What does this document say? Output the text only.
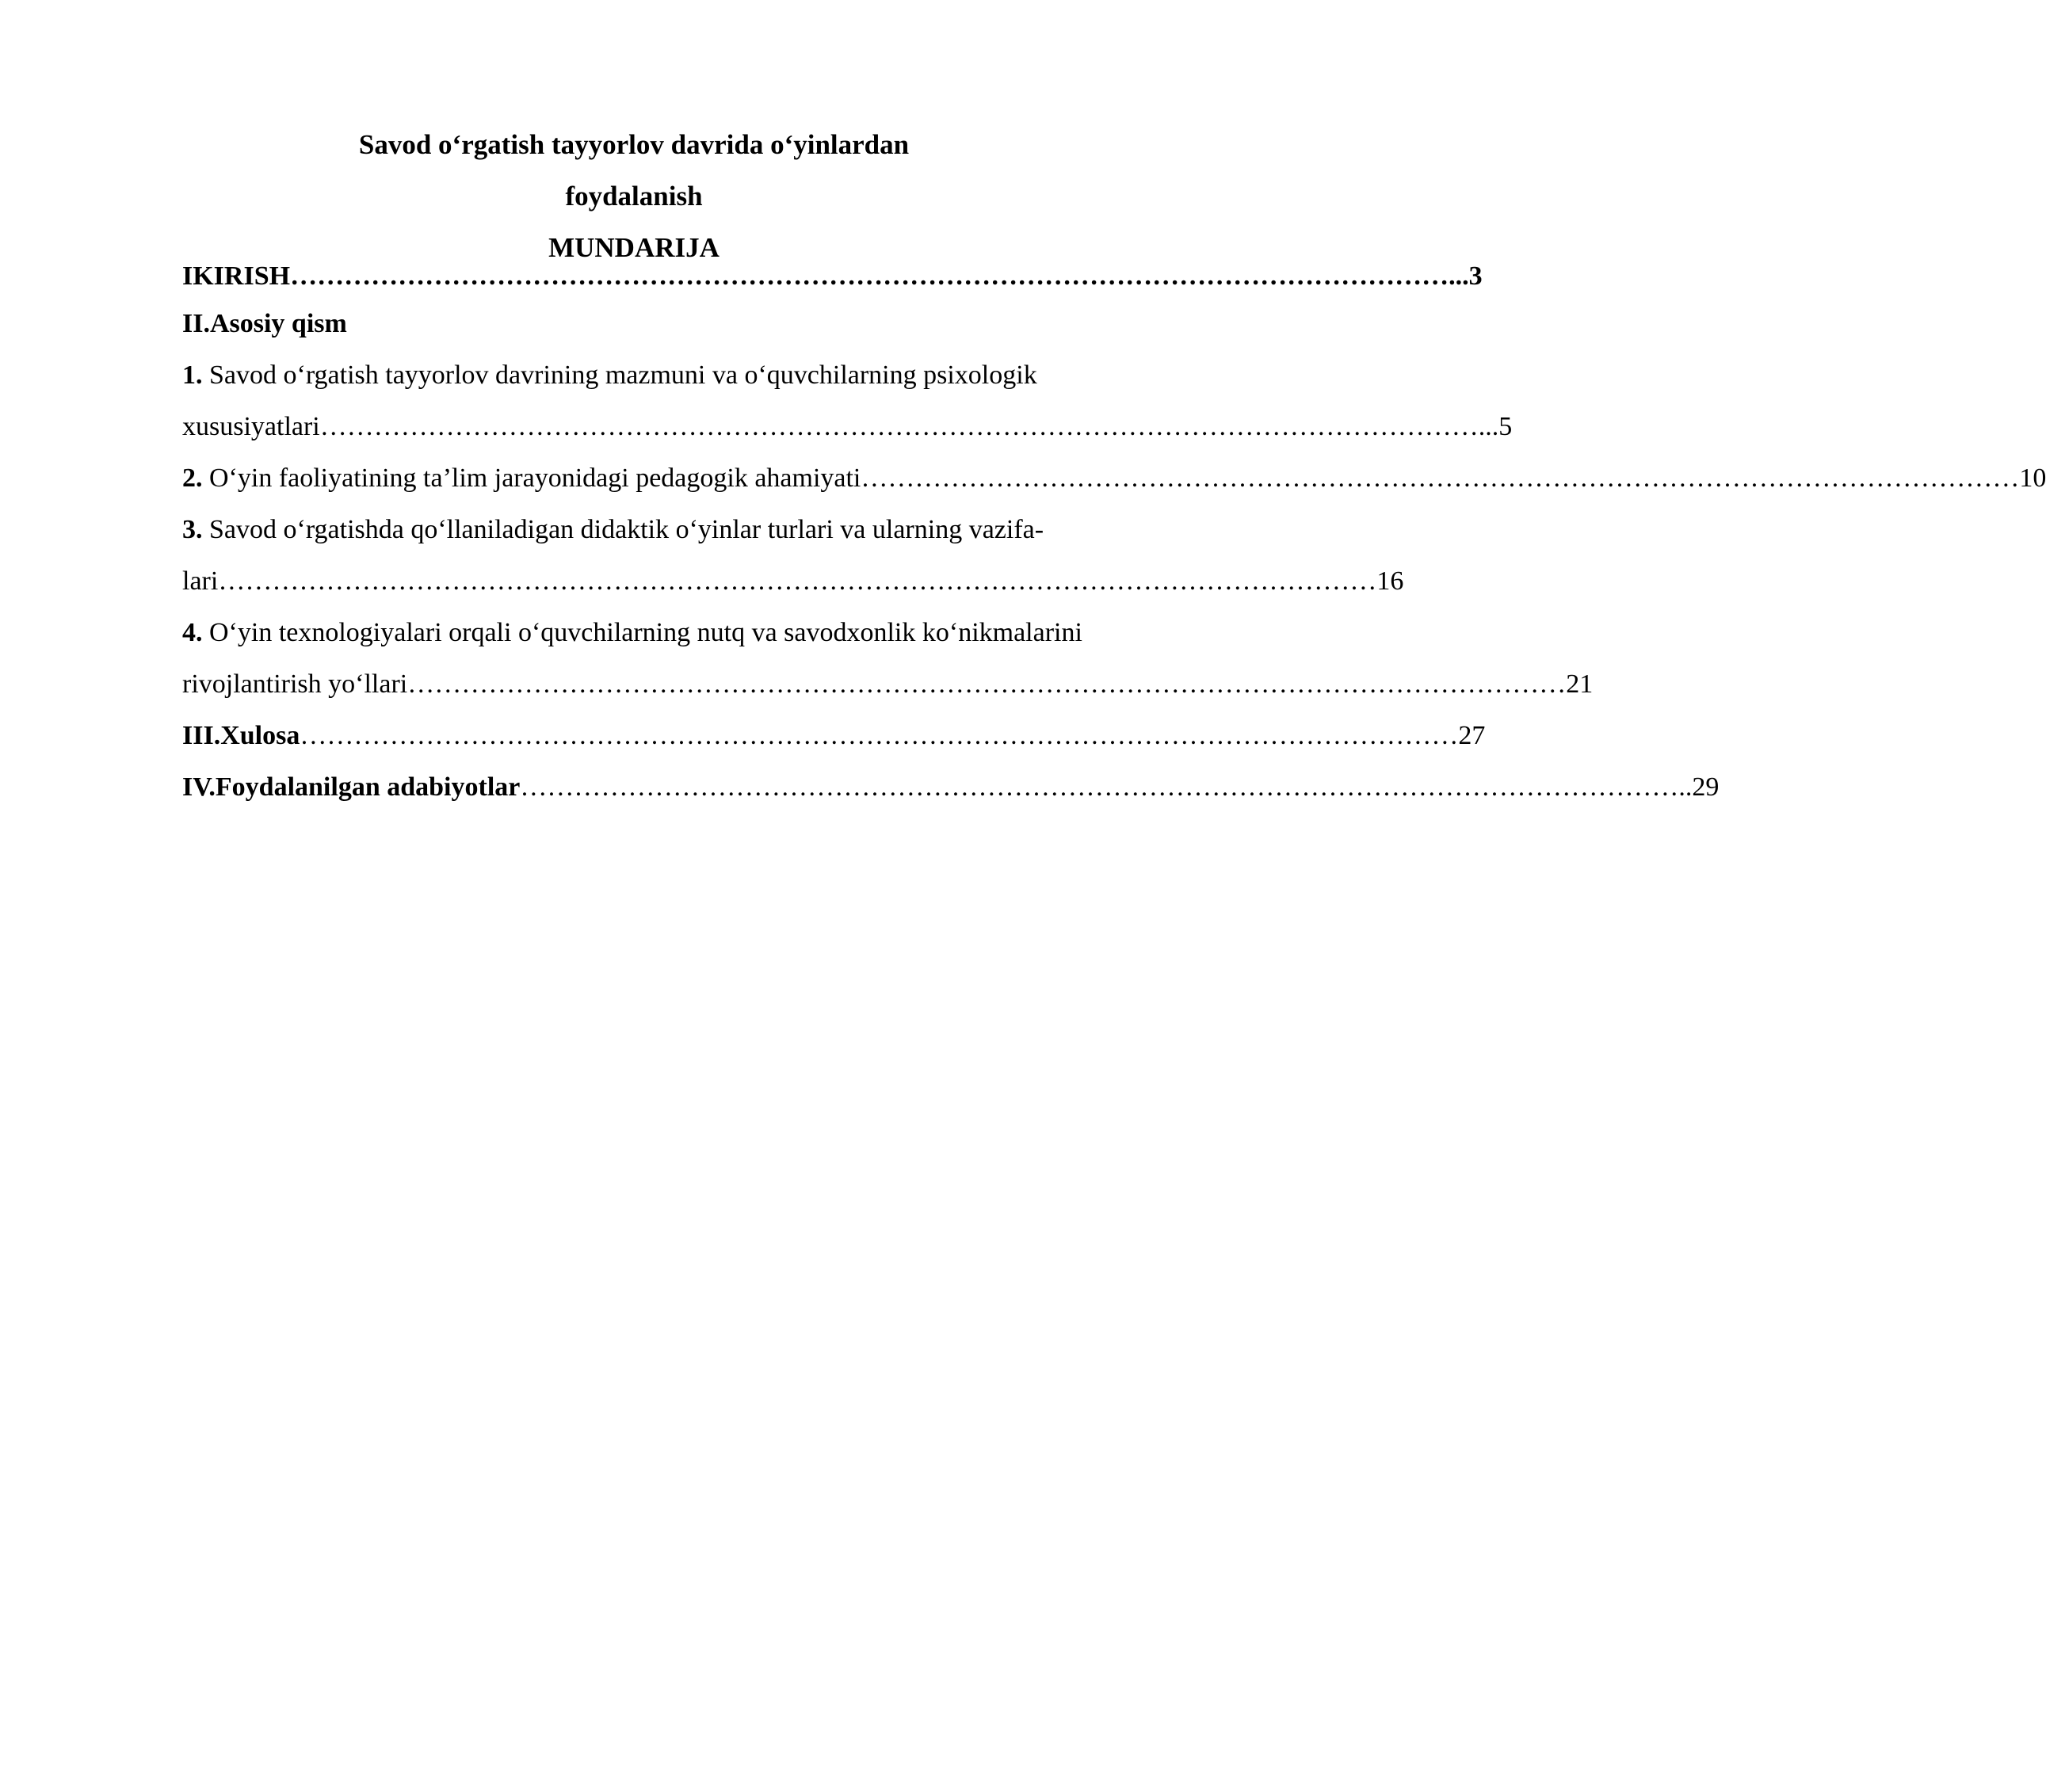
Savod o‘rgatish tayyorlov davrida o‘yinlardan
foydalanish
MUNDARIJA
IKIRISH ………………………………………………………………………………………………………………… ...3
II.Asosiy qism
1. Savod o‘rgatish tayyorlov davrining mazmuni va o‘quvchilarning psixologik
xususiyatlari ………………………………………………………………………………………………………………… ...5
2. O‘yin faoliyatining ta’lim jarayonidagi pedagogik ahamiyati ………………………………………………………………………………………………………………… 10
3. Savod o‘rgatishda qo‘llaniladigan didaktik o‘yinlar turlari va ularning vazifa-
lari ………………………………………………………………………………………………………………… 16
4. O‘yin texnologiyalari orqali o‘quvchilarning nutq va savodxonlik ko‘nikmalarini
rivojlantirish yo‘llari ………………………………………………………………………………………………………………… 21
III.Xulosa ………………………………………………………………………………………………………………… 27
IV.Foydalanilgan adabiyotlar ………………………………………………………………………………………………………………… ..29
